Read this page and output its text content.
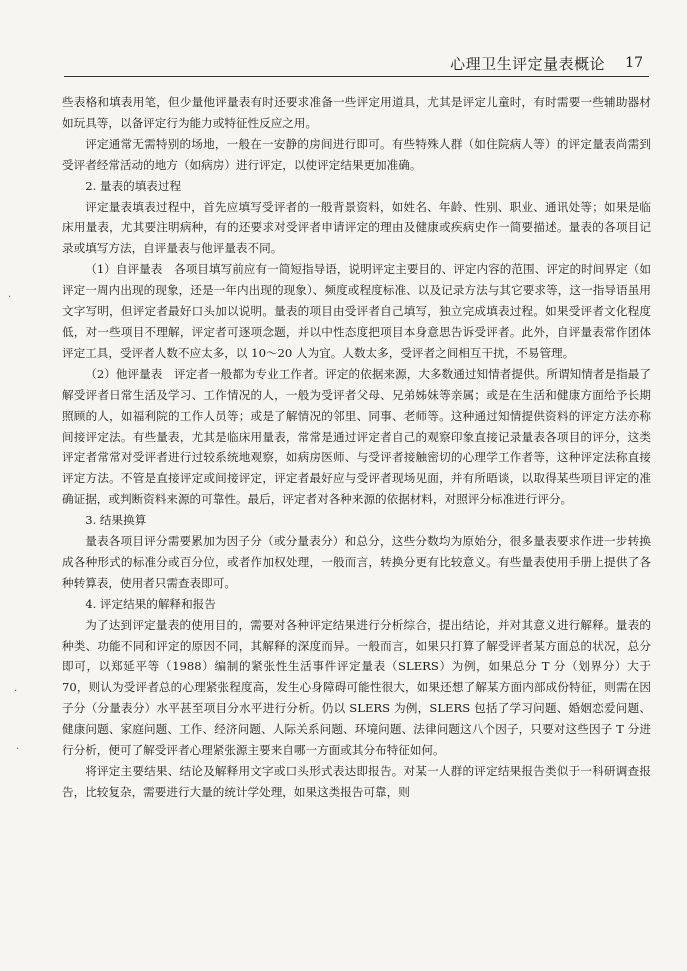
心理卫生评定量表概论 17

些表格和填表用笔，但少量他评量表有时还要求准备一些评定用道具，尤其是评定儿童时，有时需要一些辅助器材如玩具等，以备评定行为能力或特征性反应之用。

评定通常无需特别的场地，一般在一安静的房间进行即可。有些特殊人群（如住院病人等）的评定量表尚需到受评者经常活动的地方（如病房）进行评定，以使评定结果更加准确。

2. 量表的填表过程

评定量表填表过程中，首先应填写受评者的一般背景资料，如姓名、年龄、性别、职业、通讯处等；如果是临床用量表，尤其要注明病种，有的还要求对受评者申请评定的理由及健康或疾病史作一简要描述。量表的各项目记录或填写方法，自评量表与他评量表不同。

（1）自评量表　各项目填写前应有一简短指导语，说明评定主要目的、评定内容的范围、评定的时间界定（如评定一周内出现的现象，还是一年内出现的现象）、频度或程度标准、以及记录方法与其它要求等，这一指导语虽用文字写明，但评定者最好口头加以说明。量表的项目由受评者自己填写，独立完成填表过程。如果受评者文化程度低，对一些项目不理解，评定者可逐项念题，并以中性态度把项目本身意思告诉受评者。此外，自评量表常作团体评定工具，受评者人数不应太多，以 10～20 人为宜。人数太多，受评者之间相互干扰，不易管理。

（2）他评量表　评定者一般都为专业工作者。评定的依据来源，大多数通过知情者提供。所谓知情者是指最了解受评者日常生活及学习、工作情况的人，一般为受评者父母、兄弟姊妹等亲属；或是在生活和健康方面给予长期照顾的人，如福利院的工作人员等；或是了解情况的邻里、同事、老师等。这种通过知情提供资料的评定方法亦称间接评定法。有些量表，尤其是临床用量表，常常是通过评定者自己的观察印象直接记录量表各项目的评分，这类评定者常常对受评者进行过较系统地观察，如病房医师、与受评者接触密切的心理学工作者等，这种评定法称直接评定方法。不管是直接评定或间接评定，评定者最好应与受评者现场见面，并有所晤谈，以取得某些项目评定的准确证据，或判断资料来源的可靠性。最后，评定者对各种来源的依据材料，对照评分标准进行评分。

3. 结果换算

量表各项目评分需要累加为因子分（或分量表分）和总分，这些分数均为原始分，很多量表要求作进一步转换成各种形式的标准分或百分位，或者作加权处理，一般而言，转换分更有比较意义。有些量表使用手册上提供了各种转算表，使用者只需查表即可。

4. 评定结果的解释和报告

为了达到评定量表的使用目的，需要对各种评定结果进行分析综合，提出结论，并对其意义进行解释。量表的种类、功能不同和评定的原因不同，其解释的深度而异。一般而言，如果只打算了解受评者某方面总的状况，总分即可，以郑延平等（1988）编制的紧张性生活事件评定量表（SLERS）为例，如果总分 T 分（划界分）大于 70，则认为受评者总的心理紧张程度高，发生心身障碍可能性很大，如果还想了解某方面内部成份特征，则需在因子分（分量表分）水平甚至项目分水平进行分析。仍以 SLERS 为例，SLERS 包括了学习问题、婚姻恋爱问题、健康问题、家庭问题、工作、经济问题、人际关系问题、环境问题、法律问题这八个因子，只要对这些因子 T 分进行分析，便可了解受评者心理紧张源主要来自哪一方面或其分布特征如何。

将评定主要结果、结论及解释用文字或口头形式表达即报告。对某一人群的评定结果报告类似于一科研调查报告，比较复杂，需要进行大量的统计学处理，如果这类报告可靠，则

·
·
·
